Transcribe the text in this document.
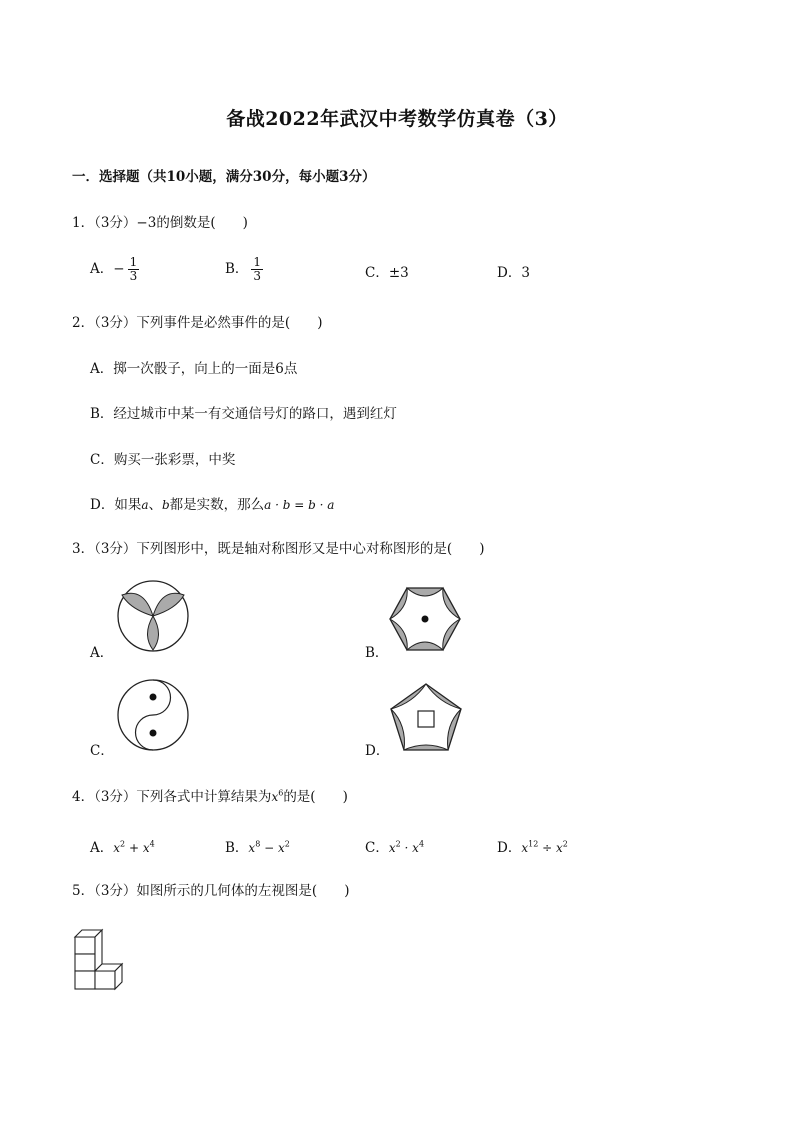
备战2022年武汉中考数学仿真卷（3）
一．选择题（共10小题，满分30分，每小题3分）
1．（3分）−3的倒数是(　　)
A．− $\frac{1}{3}$	B． $\frac{1}{3}$	C．±3	D．3
2．（3分）下列事件是必然事件的是(　　)
A．掷一次骰子，向上的一面是6点
B．经过城市中某一有交通信号灯的路口，遇到红灯
C．购买一张彩票，中奖
D．如果a、b都是实数，那么a · b = b · a
3．（3分）下列图形中，既是轴对称图形又是中心对称图形的是(　　)
A．	B．
C．	D．
4．（3分）下列各式中计算结果为$x^6$的是(　　)
A．$x^2 + x^4$	B．$x^8 - x^2$	C．$x^2 \cdot x^4$	D．$x^{12} \div x^2$
5．（3分）如图所示的几何体的左视图是(　　)
